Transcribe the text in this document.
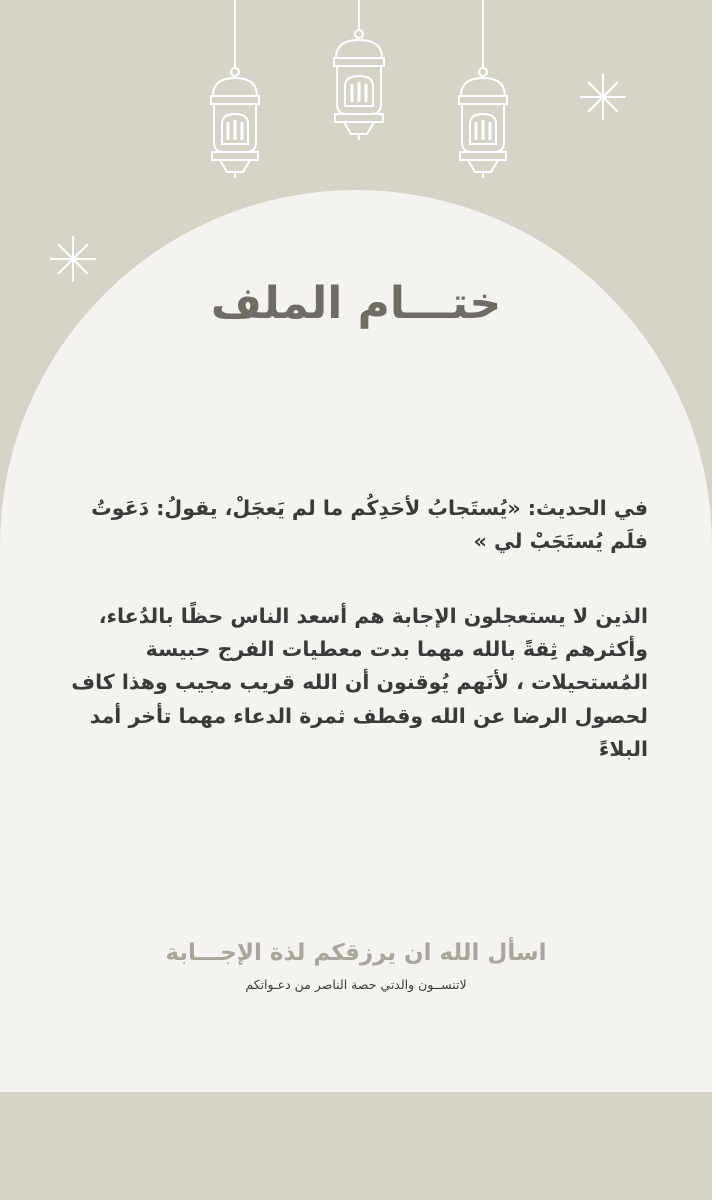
ختـــام الملف

في الحديث: «يُستَجابُ لأحَدِكُم ما لم يَعجَلْ، يقولُ: دَعَوتُ فلَم يُستَجَبْ لي »

الذين لا يستعجلون الإجابة هم أسعد الناس حظًا بالدُعاء، وأكثرهم ثِقةً بالله مهما بدت معطيات الفرج حبيسة المُستحيلات ، لأنَهم يُوقنون أن الله قريب مجيب وهذا كاف لحصول الرضا عن الله وقطف ثمرة الدعاء مهما تأخر أمد البلاءً

اسأل الله ان يرزقكم لذة الإجـــابة
لاتنســون والدتي حصة الناصر من دعـواتكم
